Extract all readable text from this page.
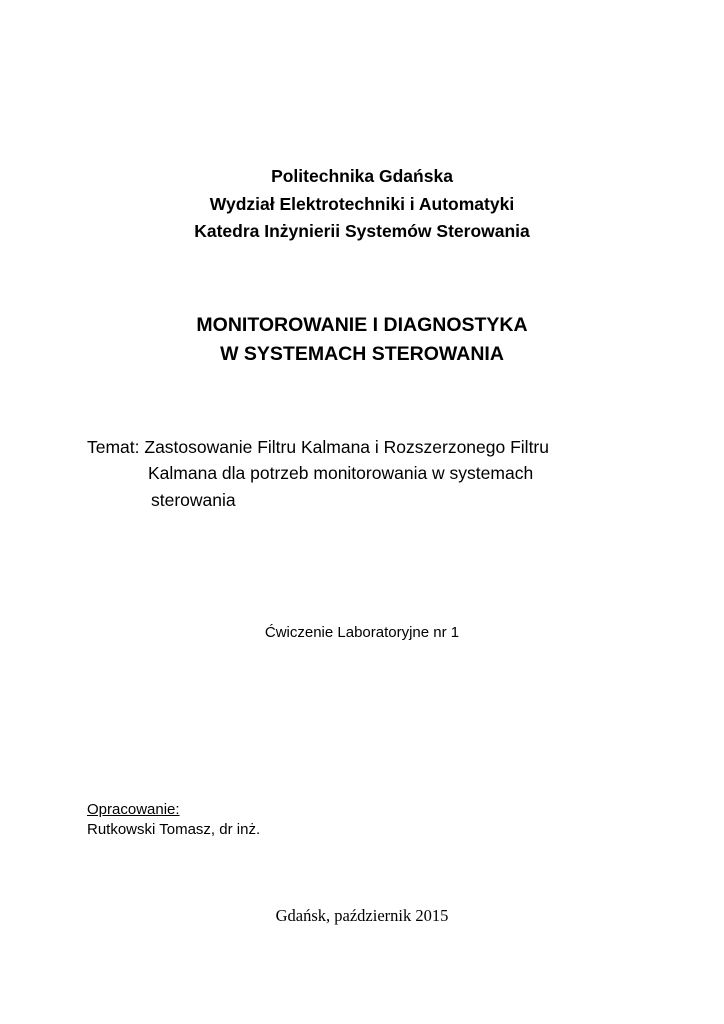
Politechnika Gdańska
Wydział Elektrotechniki i Automatyki
Katedra Inżynierii Systemów Sterowania
MONITOROWANIE I DIAGNOSTYKA
W SYSTEMACH STEROWANIA
Temat: Zastosowanie Filtru Kalmana i Rozszerzonego Filtru
Kalmana dla potrzeb monitorowania w systemach
sterowania
Ćwiczenie Laboratoryjne nr 1
Opracowanie:
Rutkowski Tomasz, dr inż.
Gdańsk, październik 2015
